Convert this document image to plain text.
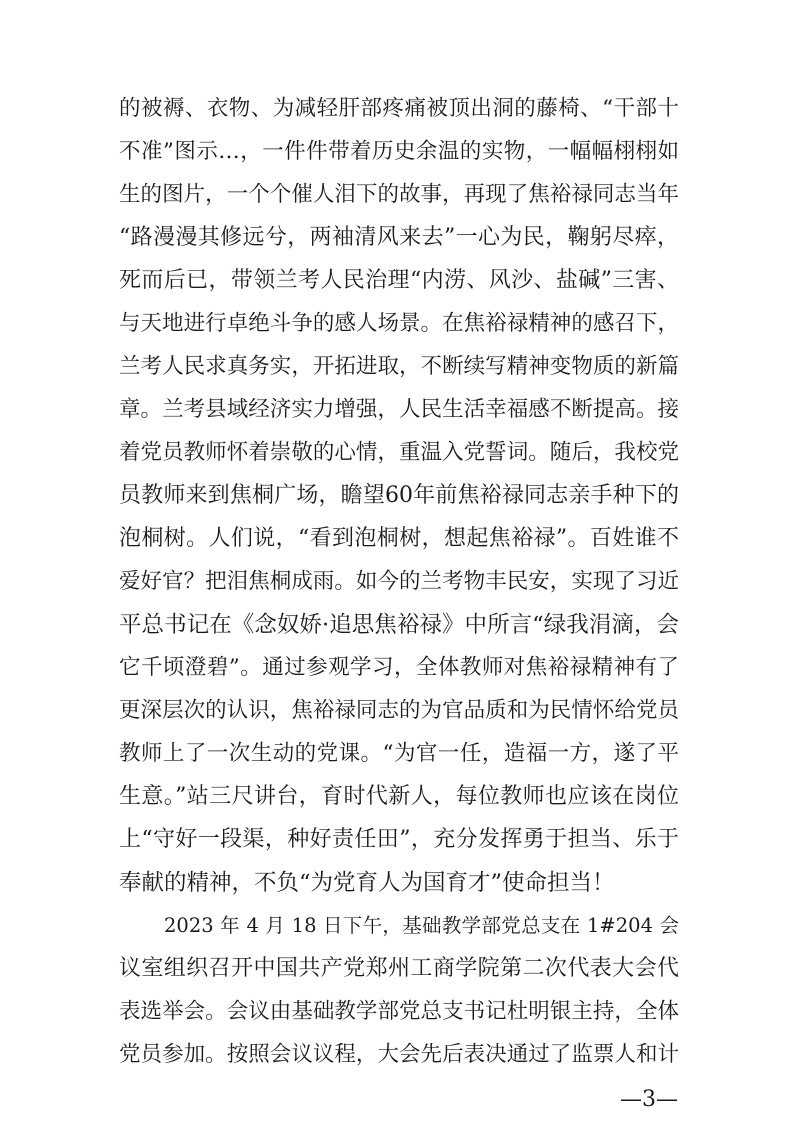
的被褥、衣物、为减轻肝部疼痛被顶出洞的藤椅、“干部十
不准”图示…，一件件带着历史余温的实物，一幅幅栩栩如
生的图片，一个个催人泪下的故事，再现了焦裕禄同志当年
“路漫漫其修远兮，两袖清风来去”一心为民，鞠躬尽瘁，
死而后已，带领兰考人民治理“内涝、风沙、盐碱”三害、
与天地进行卓绝斗争的感人场景。在焦裕禄精神的感召下，
兰考人民求真务实，开拓进取，不断续写精神变物质的新篇
章。兰考县域经济实力增强，人民生活幸福感不断提高。接
着党员教师怀着崇敬的心情，重温入党誓词。随后，我校党
员教师来到焦桐广场，瞻望60年前焦裕禄同志亲手种下的
泡桐树。人们说，“看到泡桐树，想起焦裕禄”。百姓谁不
爱好官？把泪焦桐成雨。如今的兰考物丰民安，实现了习近
平总书记在《念奴娇·追思焦裕禄》中所言“绿我涓滴，会
它千顷澄碧”。通过参观学习，全体教师对焦裕禄精神有了
更深层次的认识，焦裕禄同志的为官品质和为民情怀给党员
教师上了一次生动的党课。“为官一任，造福一方，遂了平
生意。”站三尺讲台，育时代新人，每位教师也应该在岗位
上“守好一段渠，种好责任田”，充分发挥勇于担当、乐于
奉献的精神，不负“为党育人为国育才”使命担当！
2023 年 4 月 18 日下午，基础教学部党总支在 1#204 会
议室组织召开中国共产党郑州工商学院第二次代表大会代
表选举会。会议由基础教学部党总支书记杜明银主持，全体
党员参加。按照会议议程，大会先后表决通过了监票人和计
—3—
